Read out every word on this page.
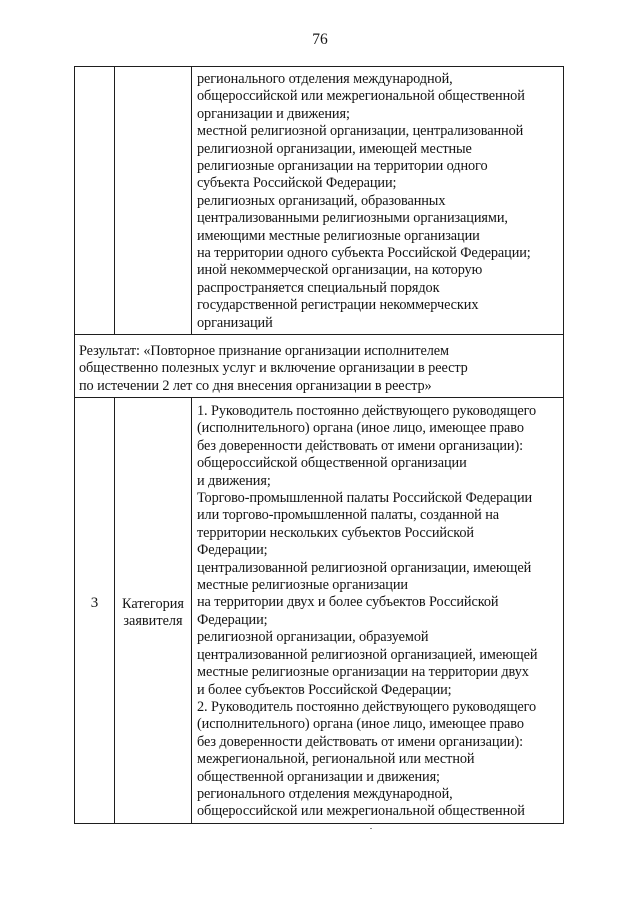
76
регионального отделения международной,
общероссийской или межрегиональной общественной
организации и движения;
местной религиозной организации, централизованной
религиозной организации, имеющей местные
религиозные организации на территории одного
субъекта Российской Федерации;
религиозных организаций, образованных
централизованными религиозными организациями,
имеющими местные религиозные организации
на территории одного субъекта Российской Федерации;
иной некоммерческой организации, на которую
распространяется специальный порядок
государственной регистрации некоммерческих
организаций
Результат: «Повторное признание организации исполнителем
общественно полезных услуг и включение организации в реестр
по истечении 2 лет со дня внесения организации в реестр»
3	Категория
заявителя
1. Руководитель постоянно действующего руководящего
(исполнительного) органа (иное лицо, имеющее право
без доверенности действовать от имени организации):
общероссийской общественной организации
и движения;
Торгово-промышленной палаты Российской Федерации
или торгово-промышленной палаты, созданной на
территории нескольких субъектов Российской
Федерации;
централизованной религиозной организации, имеющей
местные религиозные организации
на территории двух и более субъектов Российской
Федерации;
религиозной организации, образуемой
централизованной религиозной организацией, имеющей
местные религиозные организации на территории двух
и более субъектов Российской Федерации;
2. Руководитель постоянно действующего руководящего
(исполнительного) органа (иное лицо, имеющее право
без доверенности действовать от имени организации):
межрегиональной, региональной или местной
общественной организации и движения;
регионального отделения международной,
общероссийской или межрегиональной общественной
